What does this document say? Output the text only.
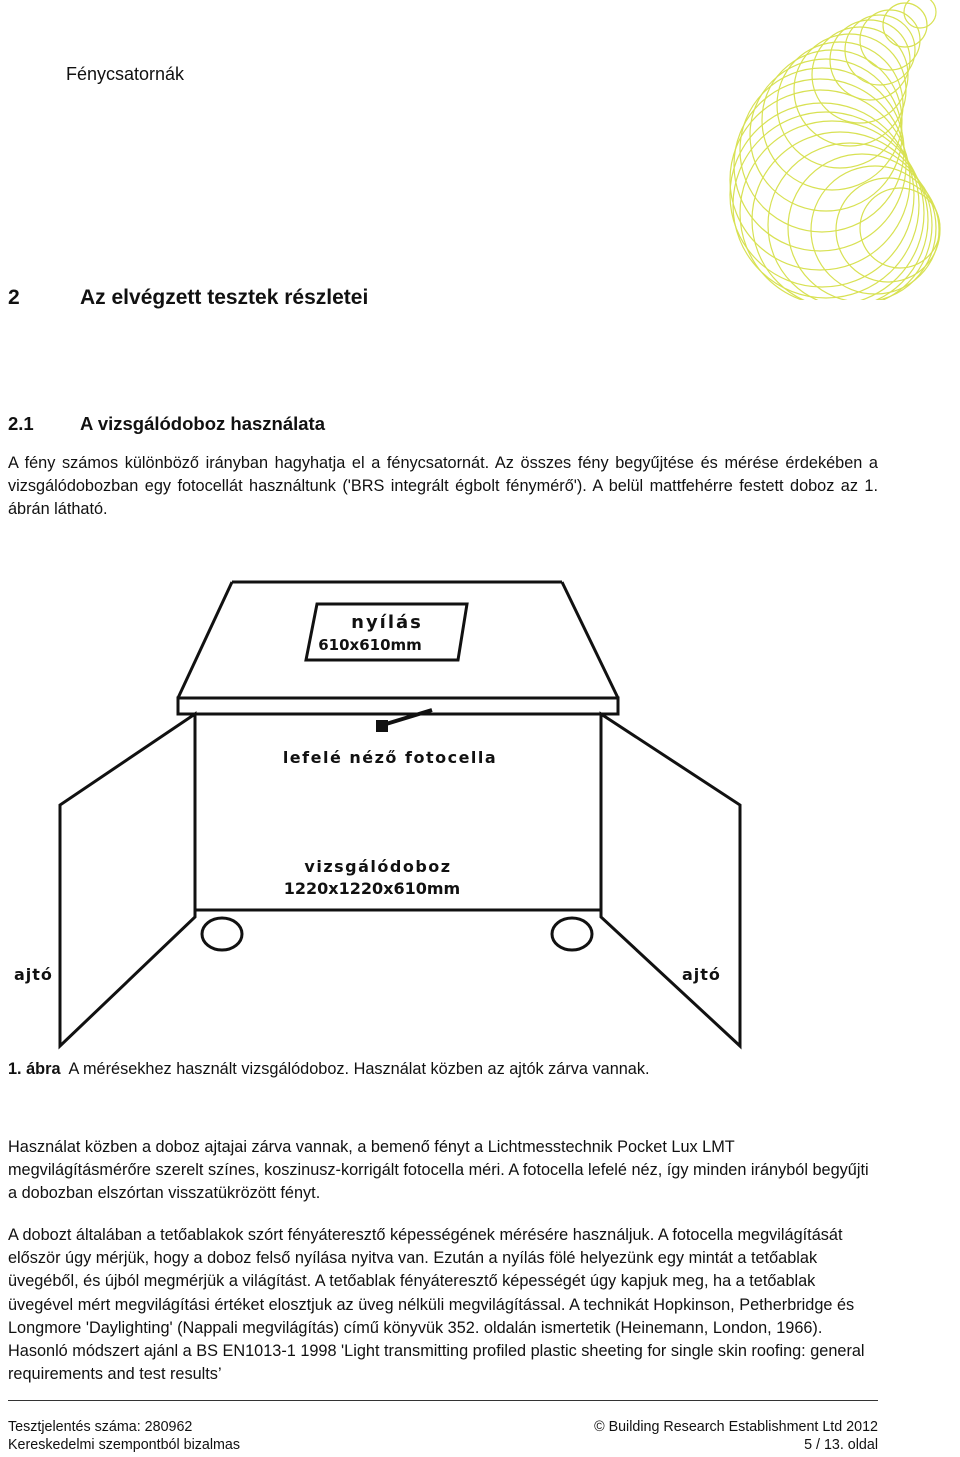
Fénycsatornák
2	Az elvégzett tesztek részletei
2.1	A vizsgálódoboz használata

A fény számos különböző irányban hagyhatja el a fénycsatornát. Az összes fény begyűjtése és mérése érdekében a vizsgálódobozban egy fotocellát használtunk ('BRS integrált égbolt fénymérő'). A belül mattfehérre festett doboz az 1. ábrán látható.

nyílás
610x610mm
lefelé néző fotocella
vizsgálódoboz
1220x1220x610mm
ajtó	ajtó
1. ábra A mérésekhez használt vizsgálódoboz. Használat közben az ajtók zárva vannak.

Használat közben a doboz ajtajai zárva vannak, a bemenő fényt a Lichtmesstechnik Pocket Lux LMT megvilágításmérőre szerelt színes, koszinusz-korrigált fotocella méri. A fotocella lefelé néz, így minden irányból begyűjti a dobozban elszórtan visszatükrözött fényt.

A dobozt általában a tetőablakok szórt fényáteresztő képességének mérésére használjuk. A fotocella megvilágítását először úgy mérjük, hogy a doboz felső nyílása nyitva van. Ezután a nyílás fölé helyezünk egy mintát a tetőablak üvegéből, és újból megmérjük a világítást. A tetőablak fényáteresztő képességét úgy kapjuk meg, ha a tetőablak üvegével mért megvilágítási értéket elosztjuk az üveg nélküli megvilágítással. A technikát Hopkinson, Petherbridge és Longmore 'Daylighting' (Nappali megvilágítás) című könyvük 352. oldalán ismertetik (Heinemann, London, 1966). Hasonló módszert ajánl a BS EN1013-1 1998 'Light transmitting profiled plastic sheeting for single skin roofing: general requirements and test results’

Tesztjelentés száma: 280962
Kereskedelmi szempontból bizalmas
© Building Research Establishment Ltd 2012
5 / 13. oldal
